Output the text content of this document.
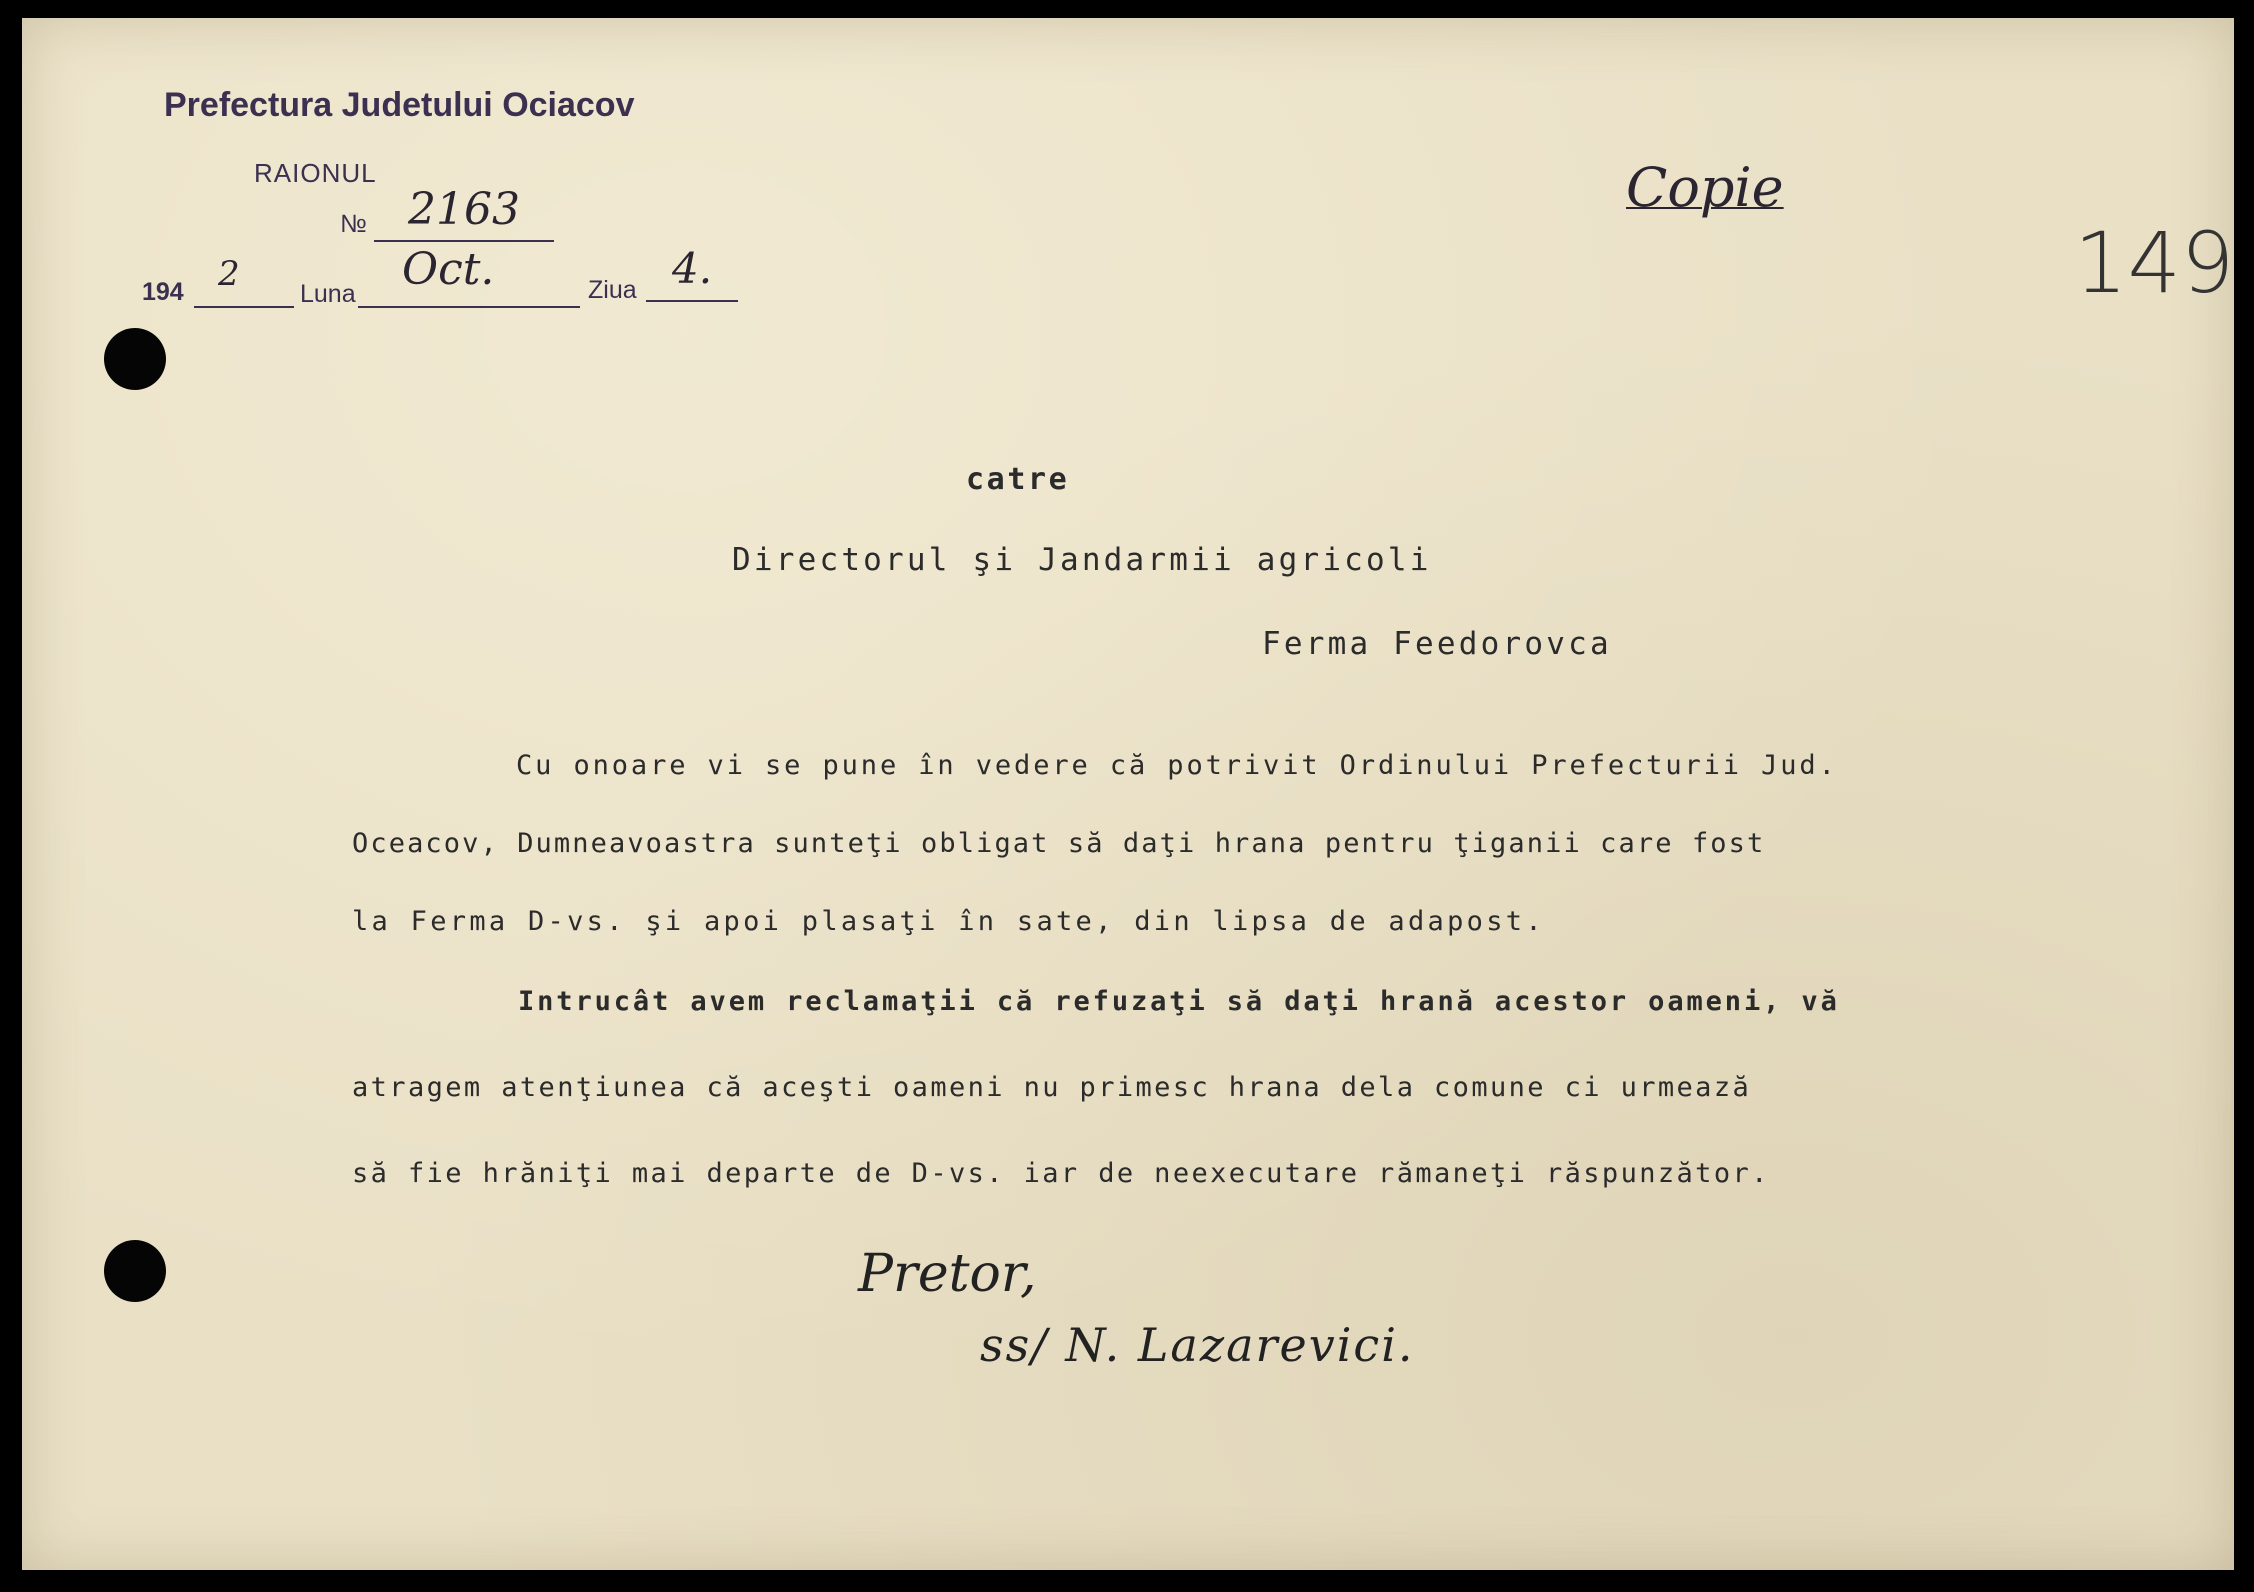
Prefectura Judetului Ociacov
RAIONUL
№ 2163
194 2 Luna Oct.	Ziua 4.
Copie
149
catre
Directorul şi Jandarmii agricoli
Ferma Feedorovca
Cu onoare vi se pune în vedere că potrivit Ordinului Prefecturii Jud.
Oceacov, Dumneavoastra sunteţi obligat să daţi hrana pentru ţiganii care fost
la Ferma D-vs. şi apoi plasaţi în sate, din lipsa de adapost.
Intrucât avem reclamaţii că refuzaţi să daţi hrană acestor oameni, vă
atragem atenţiunea că aceşti oameni nu primesc hrana dela comune ci urmează
să fie hrăniţi mai departe de D-vs. iar de neexecutare rămaneţi răspunzător.
Pretor,
ss/ N. Lazarevici.
